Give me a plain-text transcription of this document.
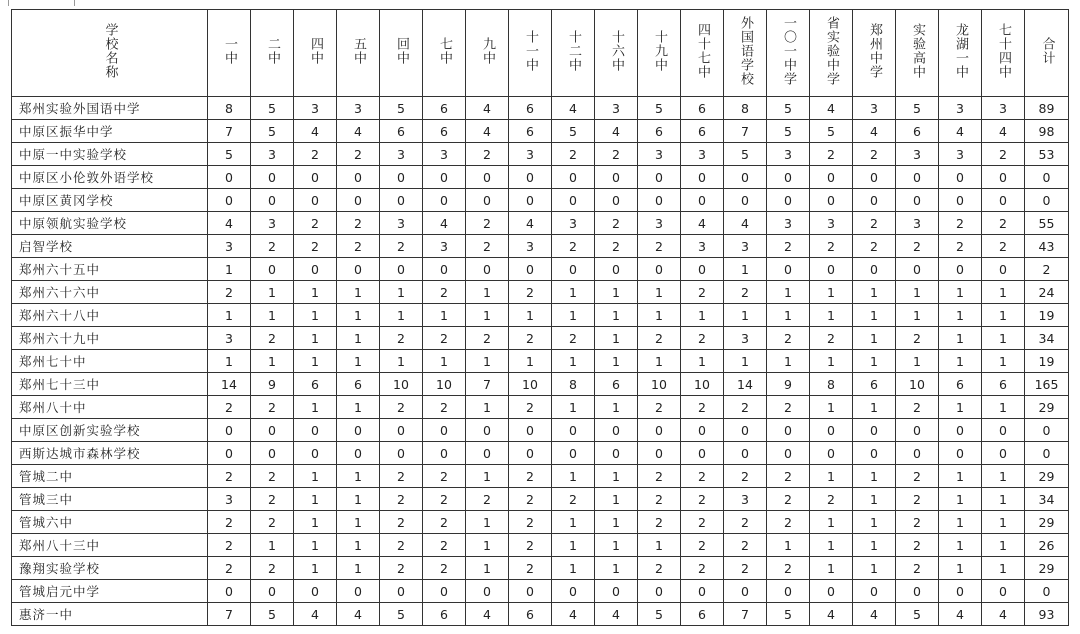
学校名称	一中	二中	四中	五中	回中	七中	九中	十一中	十二中	十六中	十九中	四十七中	外国语学校	一〇一中学	省实验中学	郑州中学	实验高中	龙湖一中	七十四中	合计
郑州实验外国语中学	8	5	3	3	5	6	4	6	4	3	5	6	8	5	4	3	5	3	3	89
中原区振华中学	7	5	4	4	6	6	4	6	5	4	6	6	7	5	5	4	6	4	4	98
中原一中实验学校	5	3	2	2	3	3	2	3	2	2	3	3	5	3	2	2	3	3	2	53
中原区小伦敦外语学校	0	0	0	0	0	0	0	0	0	0	0	0	0	0	0	0	0	0	0	0
中原区黄冈学校	0	0	0	0	0	0	0	0	0	0	0	0	0	0	0	0	0	0	0	0
中原领航实验学校	4	3	2	2	3	4	2	4	3	2	3	4	4	3	3	2	3	2	2	55
启智学校	3	2	2	2	2	3	2	3	2	2	2	3	3	2	2	2	2	2	2	43
郑州六十五中	1	0	0	0	0	0	0	0	0	0	0	0	1	0	0	0	0	0	0	2
郑州六十六中	2	1	1	1	1	2	1	2	1	1	1	2	2	1	1	1	1	1	1	24
郑州六十八中	1	1	1	1	1	1	1	1	1	1	1	1	1	1	1	1	1	1	1	19
郑州六十九中	3	2	1	1	2	2	2	2	2	1	2	2	3	2	2	1	2	1	1	34
郑州七十中	1	1	1	1	1	1	1	1	1	1	1	1	1	1	1	1	1	1	1	19
郑州七十三中	14	9	6	6	10	10	7	10	8	6	10	10	14	9	8	6	10	6	6	165
郑州八十中	2	2	1	1	2	2	1	2	1	1	2	2	2	2	1	1	2	1	1	29
中原区创新实验学校	0	0	0	0	0	0	0	0	0	0	0	0	0	0	0	0	0	0	0	0
西斯达城市森林学校	0	0	0	0	0	0	0	0	0	0	0	0	0	0	0	0	0	0	0	0
管城二中	2	2	1	1	2	2	1	2	1	1	2	2	2	2	1	1	2	1	1	29
管城三中	3	2	1	1	2	2	2	2	2	1	2	2	3	2	2	1	2	1	1	34
管城六中	2	2	1	1	2	2	1	2	1	1	2	2	2	2	1	1	2	1	1	29
郑州八十三中	2	1	1	1	2	2	1	2	1	1	1	2	2	1	1	1	2	1	1	26
豫翔实验学校	2	2	1	1	2	2	1	2	1	1	2	2	2	2	1	1	2	1	1	29
管城启元中学	0	0	0	0	0	0	0	0	0	0	0	0	0	0	0	0	0	0	0	0
惠济一中	7	5	4	4	5	6	4	6	4	4	5	6	7	5	4	4	5	4	4	93
